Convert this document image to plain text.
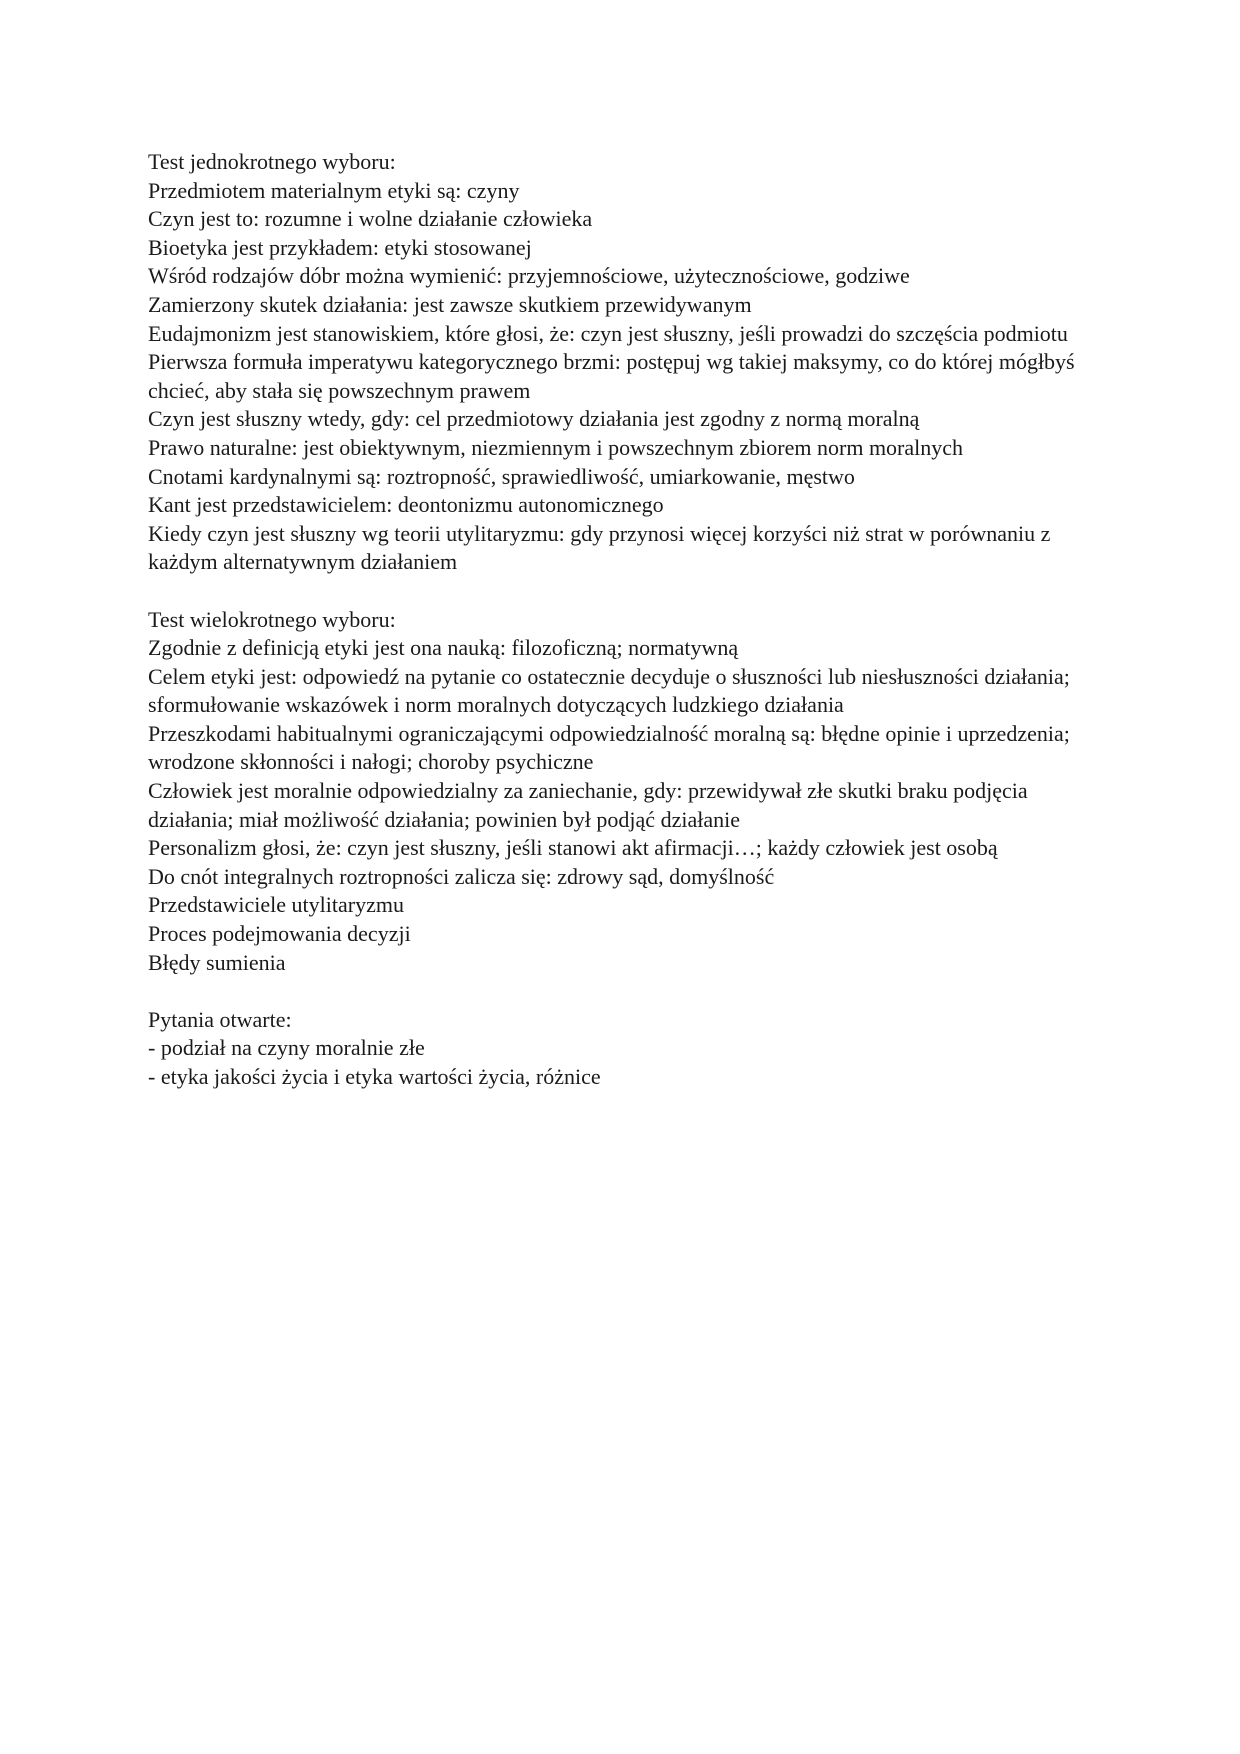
Test jednokrotnego wyboru:

Przedmiotem materialnym etyki są: czyny

Czyn jest to: rozumne i wolne działanie człowieka

Bioetyka jest przykładem: etyki stosowanej

Wśród rodzajów dóbr można wymienić: przyjemnościowe, użytecznościowe, godziwe

Zamierzony skutek działania: jest zawsze skutkiem przewidywanym

Eudajmonizm jest stanowiskiem, które głosi, że: czyn jest słuszny, jeśli prowadzi do szczęścia podmiotu

Pierwsza formuła imperatywu kategorycznego brzmi: postępuj wg takiej maksymy, co do której mógłbyś chcieć, aby stała się powszechnym prawem

Czyn jest słuszny wtedy, gdy: cel przedmiotowy działania jest zgodny z normą moralną

Prawo naturalne: jest obiektywnym, niezmiennym i powszechnym zbiorem norm moralnych

Cnotami kardynalnymi są: roztropność, sprawiedliwość, umiarkowanie, męstwo

Kant jest przedstawicielem: deontonizmu autonomicznego

Kiedy czyn jest słuszny wg teorii utylitaryzmu: gdy przynosi więcej korzyści niż strat w porównaniu z każdym alternatywnym działaniem

Test wielokrotnego wyboru:

Zgodnie z definicją etyki jest ona nauką: filozoficzną; normatywną

Celem etyki jest: odpowiedź na pytanie co ostatecznie decyduje o słuszności lub niesłuszności działania; sformułowanie wskazówek i norm moralnych dotyczących ludzkiego działania

Przeszkodami habitualnymi ograniczającymi odpowiedzialność moralną są: błędne opinie i uprzedzenia; wrodzone skłonności i nałogi; choroby psychiczne

Człowiek jest moralnie odpowiedzialny za zaniechanie, gdy: przewidywał złe skutki braku podjęcia działania; miał możliwość działania; powinien był podjąć działanie

Personalizm głosi, że: czyn jest słuszny, jeśli stanowi akt afirmacji…; każdy człowiek jest osobą

Do cnót integralnych roztropności zalicza się: zdrowy sąd, domyślność

Przedstawiciele utylitaryzmu

Proces podejmowania decyzji

Błędy sumienia

Pytania otwarte:

- podział na czyny moralnie złe

- etyka jakości życia i etyka wartości życia, różnice
